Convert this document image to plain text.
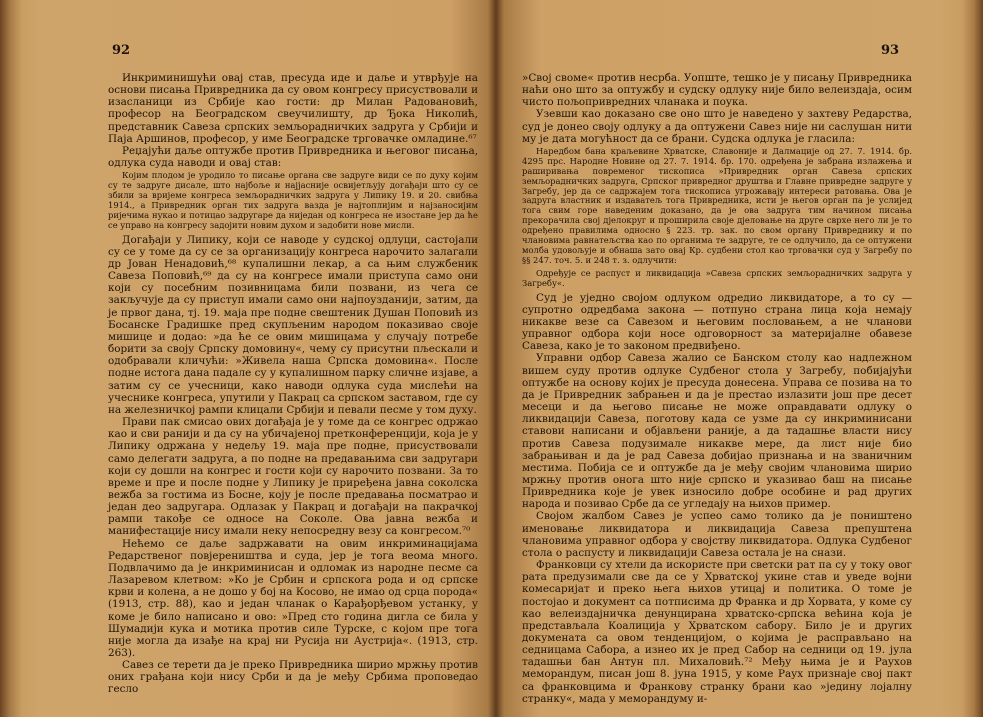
92

Инкриминишући овај став, пресуда иде и даље и утврђује на основи писања Привредника да су овом конгресу присуствовали и изасланици из Србије као гости: др Милан Радовановић, професор на Београдском свеучилишту, др Ђока Николић, представник Савеза српских земљорадничких задруга у Србији и Паја Аршинов, професор, у име Београдске трговачке омладине.⁶⁷

Реџајући даље оптужбе против Привредника и његовог писања, одлука суда наводи и овај став:

Којим плодом је уродило то писање органа све задруге види се по духу којим су те задруге дисале, што најбоље и најјасније освијетљују догађаји што су се збили за вријеме конгреса земљорадничких задруга у Липику 19. и 20. свибња 1914., а Привредник орган тих задруга вазда је најтоплијим и најзаносијим ријечима нукао и потицао задругаре да ниједан од конгреса не изостане јер да ће се управо на конгресу задојити новим духом и задобити нове мисли.

Догађаји у Липику, који се наводе у судској одлуци, састојали су се у томе да су се за организацију конгреса нарочито залагали др Јован Ненадовић,⁶⁸ купалишни лекар, а са њим службеник Савеза Поповић,⁶⁹ да су на конгресе имали приступа само они који су посебним позивницама били позвани, из чега се закључује да су приступ имали само они најпоузданији, затим, да је првог дана, тј. 19. маја пре подне свештеник Душан Поповић из Босанске Градишке пред скупљеним народом показивао своје мишице и додао: »да ће се овим мишицама у случају потребе борити за своју Српску домовину«, чему су присутни пљескали и одобравали кличући: »Живела наша Српска домовина«. После подне истога дана падале су у купалишном парку сличне изјаве, а затим су се учесници, како наводи одлука суда мислећи на учеснике конгреса, упутили у Пакрац са српском заставом, где су на железничкој рампи клицали Србији и певали песме у том духу.

Прави пак смисао ових догађаја је у томе да се конгрес одржао као и сви ранији и да су на убичајеној претконференцији, која је у Липику одржана у недељу 19. маја пре подне, присуствовали само делегати задруга, а по подне на предавањима сви задругари који су дошли на конгрес и гости који су нарочито позвани. За то време и пре и после подне у Липику је приређена јавна соколска вежба за гостима из Босне, коју је после предавања посматрао и један део задругара. Одлазак у Пакрац и догађаји на пакрачкој рампи такође се односе на Соколе. Ова јавна вежба и манифестације нису имали неку непосредну везу са конгресом.⁷⁰

Нећемо се даље задржавати на овим инкриминацијама Редарственог повјереништва и суда, јер је тога веома много. Подвлачимо да је инкриминисан и одломак из народне песме са Лазаревом клетвом: »Ко је Србин и српскога рода и од српске крви и колена, а не дошо у бој на Косово, не имао од срца порода« (1913, стр. 88), као и један чланак о Карађорђевом устанку, у коме је било написано и ово: »Пред сто година дигла се била у Шумадији кука и мотика против силе Турске, с којом пре тога није могла да изађе на крај ни Русија ни Аустрија«. (1913, стр. 263).

Савез се терети да је преко Привредника ширио мржњу против оних грађана који нису Срби и да је међу Србима проповедао гесло

93

»Свој своме« против несрба. Уопште, тешко је у писању Привредника наћи оно што за оптужбу и судску одлуку није било велеиздаја, осим чисто пољопривредних чланака и поука.

Узевши као доказано све оно што је наведено у захтеву Редарства, суд је донео своју одлуку а да оптужени Савез није ни саслушан нити му је дата могућност да се брани. Судска одлука је гласила:

Наредбом бана краљевине Хрватске, Славоније и Далмације од 27. 7. 1914. бр. 4295 прс. Народне Новине од 27. 7. 1914. бр. 170. одређена је забрана излажења и раширивања повременог тискописа »Привредник орган Савеза српских земљорадничких задруга, Српског привредног друштва и Главне привредне задруге у Загребу, јер да се садржајем тога тискописа угрожавају интереси ратовања. Ова је задруга властник и издаватељ тога Привредника, исти је његов орган па је услијед тога свим горе наведеним доказано, да је ова задруга тим начином писања прекорачила свој дјелокруг и проширила своје дјеловање на друге сврхе него ли је то одређено правилима односно § 223. тр. зак. по свом органу Привреднику и по члановима равнатељства као по органима те задруге, те се одлучило, да се оптужени молба удовољује и обнаша зато овај Кр. судбени стол као трговачки суд у Загребу по §§ 247. точ. 5. и 248 т. з. одлучити:

Одређује се распуст и ликвидација »Савеза српских земљорадничких задруга у Загребу«.

Суд је уједно својом одлуком одредио ликвидаторе, а то су — супротно одредбама закона — потпуно страна лица која немају никакве везе са Савезом и његовим пословањем, а не чланови управног одбора који носе одговорност за материјалне обавезе Савеза, како је то законом предвиђено.

Управни одбор Савеза жалио се Банском столу као надлежном вишем суду против одлуке Судбеног стола у Загребу, побијајући оптужбе на основу којих је пресуда донесена. Управа се позива на то да је Привредник забрањен и да је престао излазити још пре десет месеци и да његово писање не може оправдавати одлуку о ликвидацији Савеза, поготову када се узме да су инкриминисани ставови написани и објављени раније, а да тадашње власти нису против Савеза подузимале никакве мере, да лист није био забрањиван и да је рад Савеза добијао признања и на званичним местима. Побија се и оптужбе да је међу својим члановима ширио мржњу против онога што није српско и указивао баш на писање Привредника које је увек износило добре особине и рад других народа и позивао Србе да се угледају на њихов пример.

Својом жалбом Савез је успео само толико да је поништено именовање ликвидатора и ликвидација Савеза препуштена члановима управног одбора у својству ликвидатора. Одлука Судбеног стола о распусту и ликвидацији Савеза остала је на снази.

Франковци су хтели да искористе при светски рат па су у току овог рата предузимали све да се у Хрватској укине став и уведе војни комесаријат и преко њега њихов утицај и политика. О томе је постојао и документ са потписима др Франка и др Хорвата, у коме су као велеиздајничка денунцирана хрватско-српска већина која је представљала Коалиција у Хрватском сабору. Било је и других докумената са овом тенденцијом, о којима је расправљано на седницама Сабора, а изнео их је пред Сабор на седници од 19. јула тадашњи бан Антун пл. Михаловић.⁷² Међу њима је и Раухов меморандум, писан још 8. јуна 1915, у коме Раух признаје свој пакт са франковцима и Франкову странку брани као »једину лојалну странку«, мада у меморандуму и-
